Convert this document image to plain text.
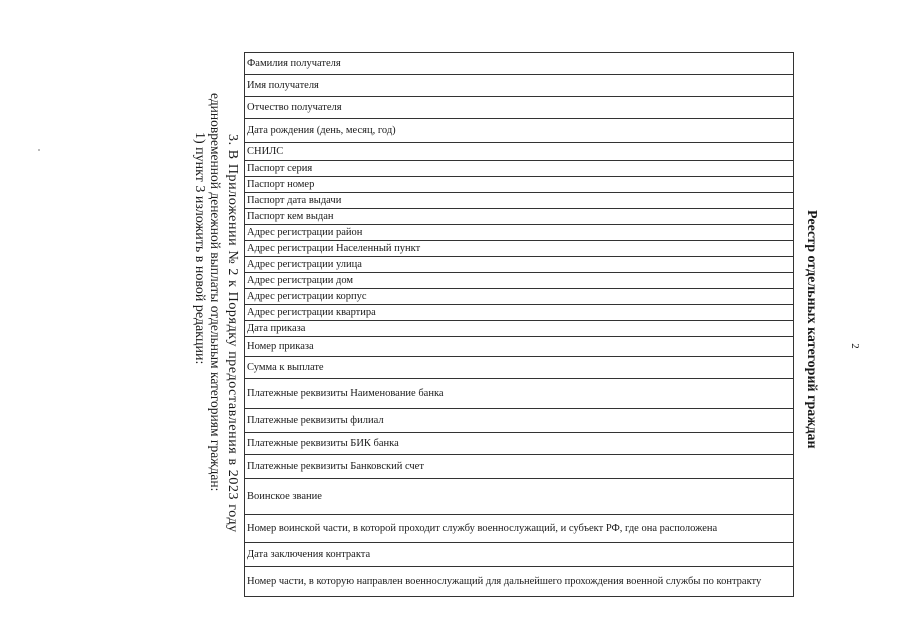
2
3. В Приложении № 2 к Порядку предоставления в 2023 году
единовременной денежной выплаты отдельным категориям граждан:
1) пункт 3 изложить в новой редакции:	Реестр отдельных категорий граждан
Фамилия получателя
Имя получателя
Отчество получателя
Дата рождения (день, месяц, год)
СНИЛС
Паспорт серия
Паспорт номер
Паспорт дата выдачи
Паспорт кем выдан
Адрес регистрации район
Адрес регистрации Населенный пункт
Адрес регистрации улица
Адрес регистрации дом
Адрес регистрации корпус
Адрес регистрации квартира
Дата приказа
Номер приказа
Сумма к выплате
Платежные реквизиты Наименование банка
Платежные реквизиты филиал
Платежные реквизиты БИК банка
Платежные реквизиты Банковский счет
Воинское звание
Номер воинской части, в которой проходит службу военнослужащий, и субъект РФ, где она расположена
Дата заключения контракта
Номер части, в которую направлен военнослужащий для дальнейшего прохождения военной службы по контракту
